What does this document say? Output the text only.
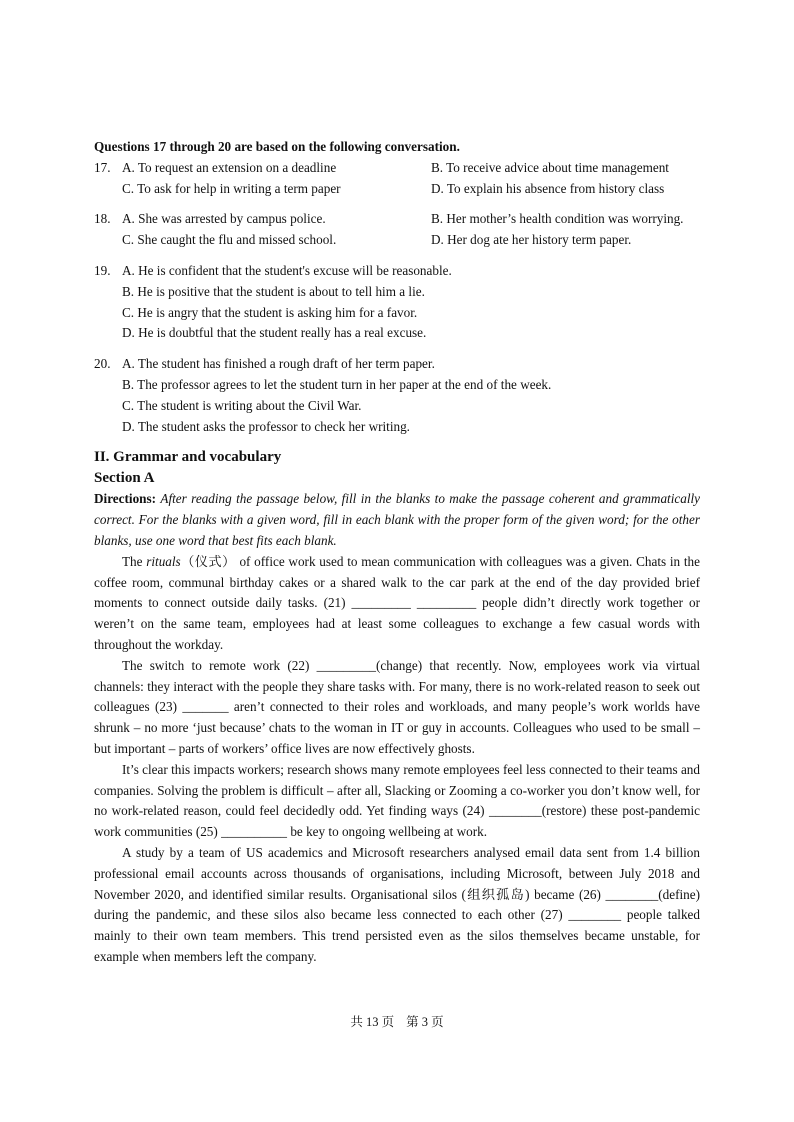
Questions 17 through 20 are based on the following conversation.
17. A. To request an extension on a deadline	B. To receive advice about time management
C. To ask for help in writing a term paper	D. To explain his absence from history class
18. A. She was arrested by campus police.	B. Her mother’s health condition was worrying.
C. She caught the flu and missed school.	D. Her dog ate her history term paper.
19. A. He is confident that the student's excuse will be reasonable.
B. He is positive that the student is about to tell him a lie.
C. He is angry that the student is asking him for a favor.
D. He is doubtful that the student really has a real excuse.
20. A. The student has finished a rough draft of her term paper.
B. The professor agrees to let the student turn in her paper at the end of the week.
C. The student is writing about the Civil War.
D. The student asks the professor to check her writing.
II. Grammar and vocabulary
Section A
Directions: After reading the passage below, fill in the blanks to make the passage coherent and grammatically correct. For the blanks with a given word, fill in each blank with the proper form of the given word; for the other blanks, use one word that best fits each blank.
The rituals（仪式） of office work used to mean communication with colleagues was a given. Chats in the coffee room, communal birthday cakes or a shared walk to the car park at the end of the day provided brief moments to connect outside daily tasks. (21) _________ _________ people didn’t directly work together or weren’t on the same team, employees had at least some colleagues to exchange a few casual words with throughout the workday.
The switch to remote work (22) _________(change) that recently. Now, employees work via virtual channels: they interact with the people they share tasks with. For many, there is no work-related reason to seek out colleagues (23) _______ aren’t connected to their roles and workloads, and many people’s work worlds have shrunk – no more ‘just because’ chats to the woman in IT or guy in accounts. Colleagues who used to be small – but important – parts of workers’ office lives are now effectively ghosts.
It’s clear this impacts workers; research shows many remote employees feel less connected to their teams and companies. Solving the problem is difficult – after all, Slacking or Zooming a co-worker you don’t know well, for no work-related reason, could feel decidedly odd. Yet finding ways (24) ________(restore) these post-pandemic work communities (25) __________ be key to ongoing wellbeing at work.
A study by a team of US academics and Microsoft researchers analysed email data sent from 1.4 billion professional email accounts across thousands of organisations, including Microsoft, between July 2018 and November 2020, and identified similar results. Organisational silos (组织孤岛) became (26) ________(define) during the pandemic, and these silos also became less connected to each other (27) ________ people talked mainly to their own team members. This trend persisted even as the silos themselves became unstable, for example when members left the company.
共 13 页 第 3 页
